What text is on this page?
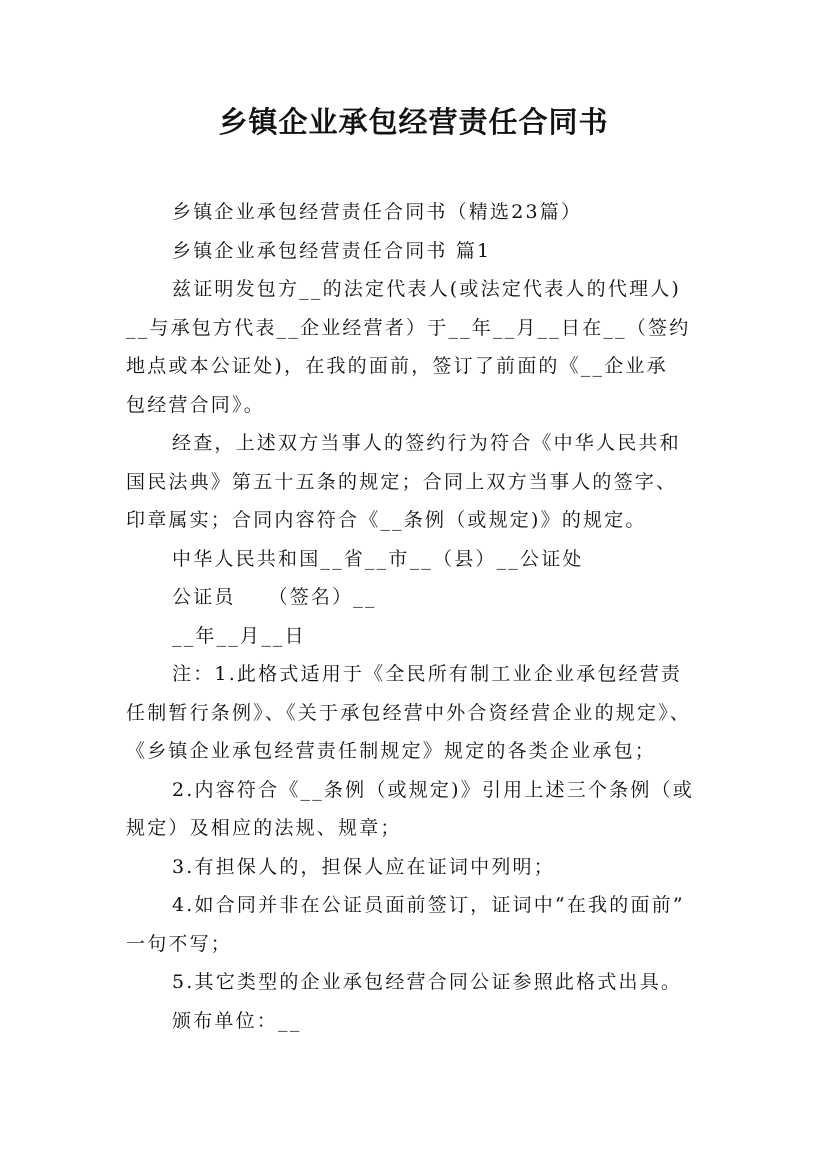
乡镇企业承包经营责任合同书

乡镇企业承包经营责任合同书（精选23篇）

乡镇企业承包经营责任合同书 篇1

兹证明发包方__的法定代表人(或法定代表人的代理人)

__与承包方代表__企业经营者）于__年__月__日在__（签约

地点或本公证处)，在我的面前，签订了前面的《__企业承

包经营合同》。

经查，上述双方当事人的签约行为符合《中华人民共和

国民法典》第五十五条的规定；合同上双方当事人的签字、

印章属实；合同内容符合《__条例（或规定)》的规定。

中华人民共和国__省__市__（县）__公证处

公证员　　（签名）__

__年__月__日

注：1.此格式适用于《全民所有制工业企业承包经营责

任制暂行条例》、《关于承包经营中外合资经营企业的规定》、

《乡镇企业承包经营责任制规定》规定的各类企业承包；

2.内容符合《__条例（或规定)》引用上述三个条例（或

规定）及相应的法规、规章；

3.有担保人的，担保人应在证词中列明；

4.如合同并非在公证员面前签订，证词中“在我的面前”

一句不写；

5.其它类型的企业承包经营合同公证参照此格式出具。

颁布单位：__
